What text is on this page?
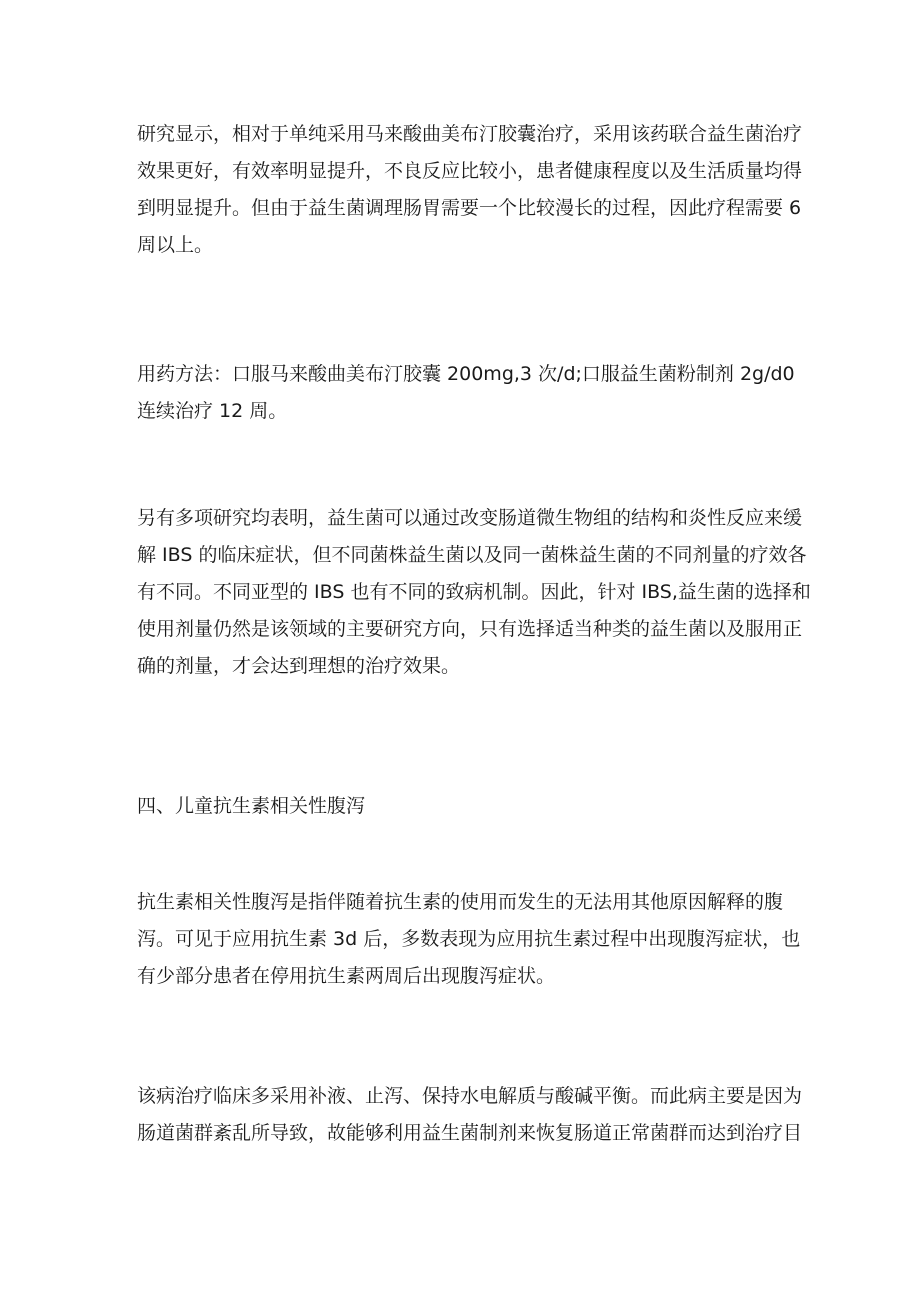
研究显示，相对于单纯采用马来酸曲美布汀胶囊治疗，采用该药联合益生菌治疗
效果更好，有效率明显提升，不良反应比较小，患者健康程度以及生活质量均得
到明显提升。但由于益生菌调理肠胃需要一个比较漫长的过程，因此疗程需要 6
周以上。

用药方法：口服马来酸曲美布汀胶囊 200mg,3 次/d;口服益生菌粉制剂 2g/d0
连续治疗 12 周。

另有多项研究均表明，益生菌可以通过改变肠道微生物组的结构和炎性反应来缓
解 IBS 的临床症状，但不同菌株益生菌以及同一菌株益生菌的不同剂量的疗效各
有不同。不同亚型的 IBS 也有不同的致病机制。因此，针对 IBS,益生菌的选择和
使用剂量仍然是该领域的主要研究方向，只有选择适当种类的益生菌以及服用正
确的剂量，才会达到理想的治疗效果。

四、儿童抗生素相关性腹泻

抗生素相关性腹泻是指伴随着抗生素的使用而发生的无法用其他原因解释的腹
泻。可见于应用抗生素 3d 后，多数表现为应用抗生素过程中出现腹泻症状，也
有少部分患者在停用抗生素两周后出现腹泻症状。

该病治疗临床多采用补液、止泻、保持水电解质与酸碱平衡。而此病主要是因为
肠道菌群紊乱所导致，故能够利用益生菌制剂来恢复肠道正常菌群而达到治疗目
